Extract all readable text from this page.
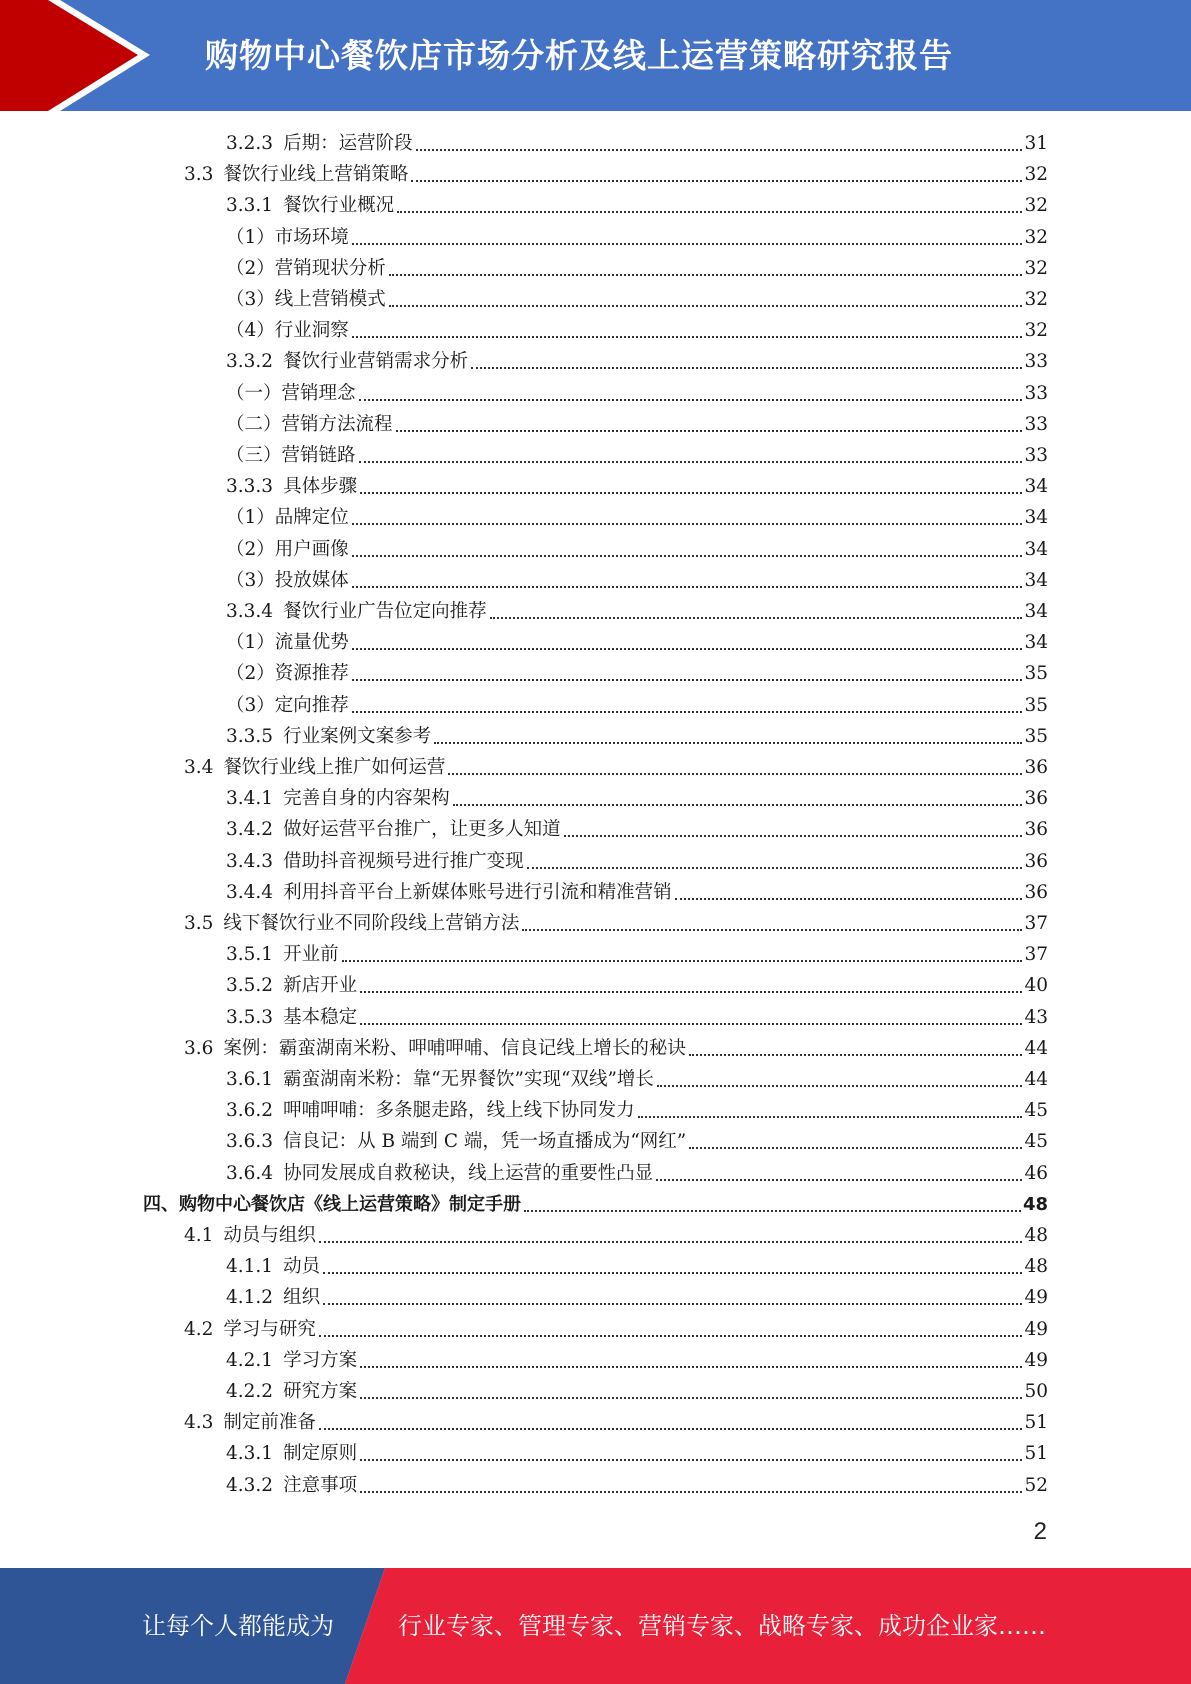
购物中心餐饮店市场分析及线上运营策略研究报告
3.2.3 后期：运营阶段	31
3.3 餐饮行业线上营销策略	32
3.3.1 餐饮行业概况	32
（1）市场环境	32
（2）营销现状分析	32
（3）线上营销模式	32
（4）行业洞察	32
3.3.2 餐饮行业营销需求分析	33
（一）营销理念	33
（二）营销方法流程	33
（三）营销链路	33
3.3.3 具体步骤	34
（1）品牌定位	34
（2）用户画像	34
（3）投放媒体	34
3.3.4 餐饮行业广告位定向推荐	34
（1）流量优势	34
（2）资源推荐	35
（3）定向推荐	35
3.3.5 行业案例文案参考	35
3.4 餐饮行业线上推广如何运营	36
3.4.1 完善自身的内容架构	36
3.4.2 做好运营平台推广，让更多人知道	36
3.4.3 借助抖音视频号进行推广变现	36
3.4.4 利用抖音平台上新媒体账号进行引流和精准营销	36
3.5 线下餐饮行业不同阶段线上营销方法	37
3.5.1 开业前	37
3.5.2 新店开业	40
3.5.3 基本稳定	43
3.6 案例：霸蛮湖南米粉、呷哺呷哺、信良记线上增长的秘诀	44
3.6.1 霸蛮湖南米粉：靠“无界餐饮”实现“双线”增长	44
3.6.2 呷哺呷哺：多条腿走路，线上线下协同发力	45
3.6.3 信良记：从 B 端到 C 端，凭一场直播成为“网红”	45
3.6.4 协同发展成自救秘诀，线上运营的重要性凸显	46
四、购物中心餐饮店《线上运营策略》制定手册	48
4.1 动员与组织	48
4.1.1 动员	48
4.1.2 组织	49
4.2 学习与研究	49
4.2.1 学习方案	49
4.2.2 研究方案	50
4.3 制定前准备	51
4.3.1 制定原则	51
4.3.2 注意事项	52
2
让每个人都能成为	行业专家、管理专家、营销专家、战略专家、成功企业家……
